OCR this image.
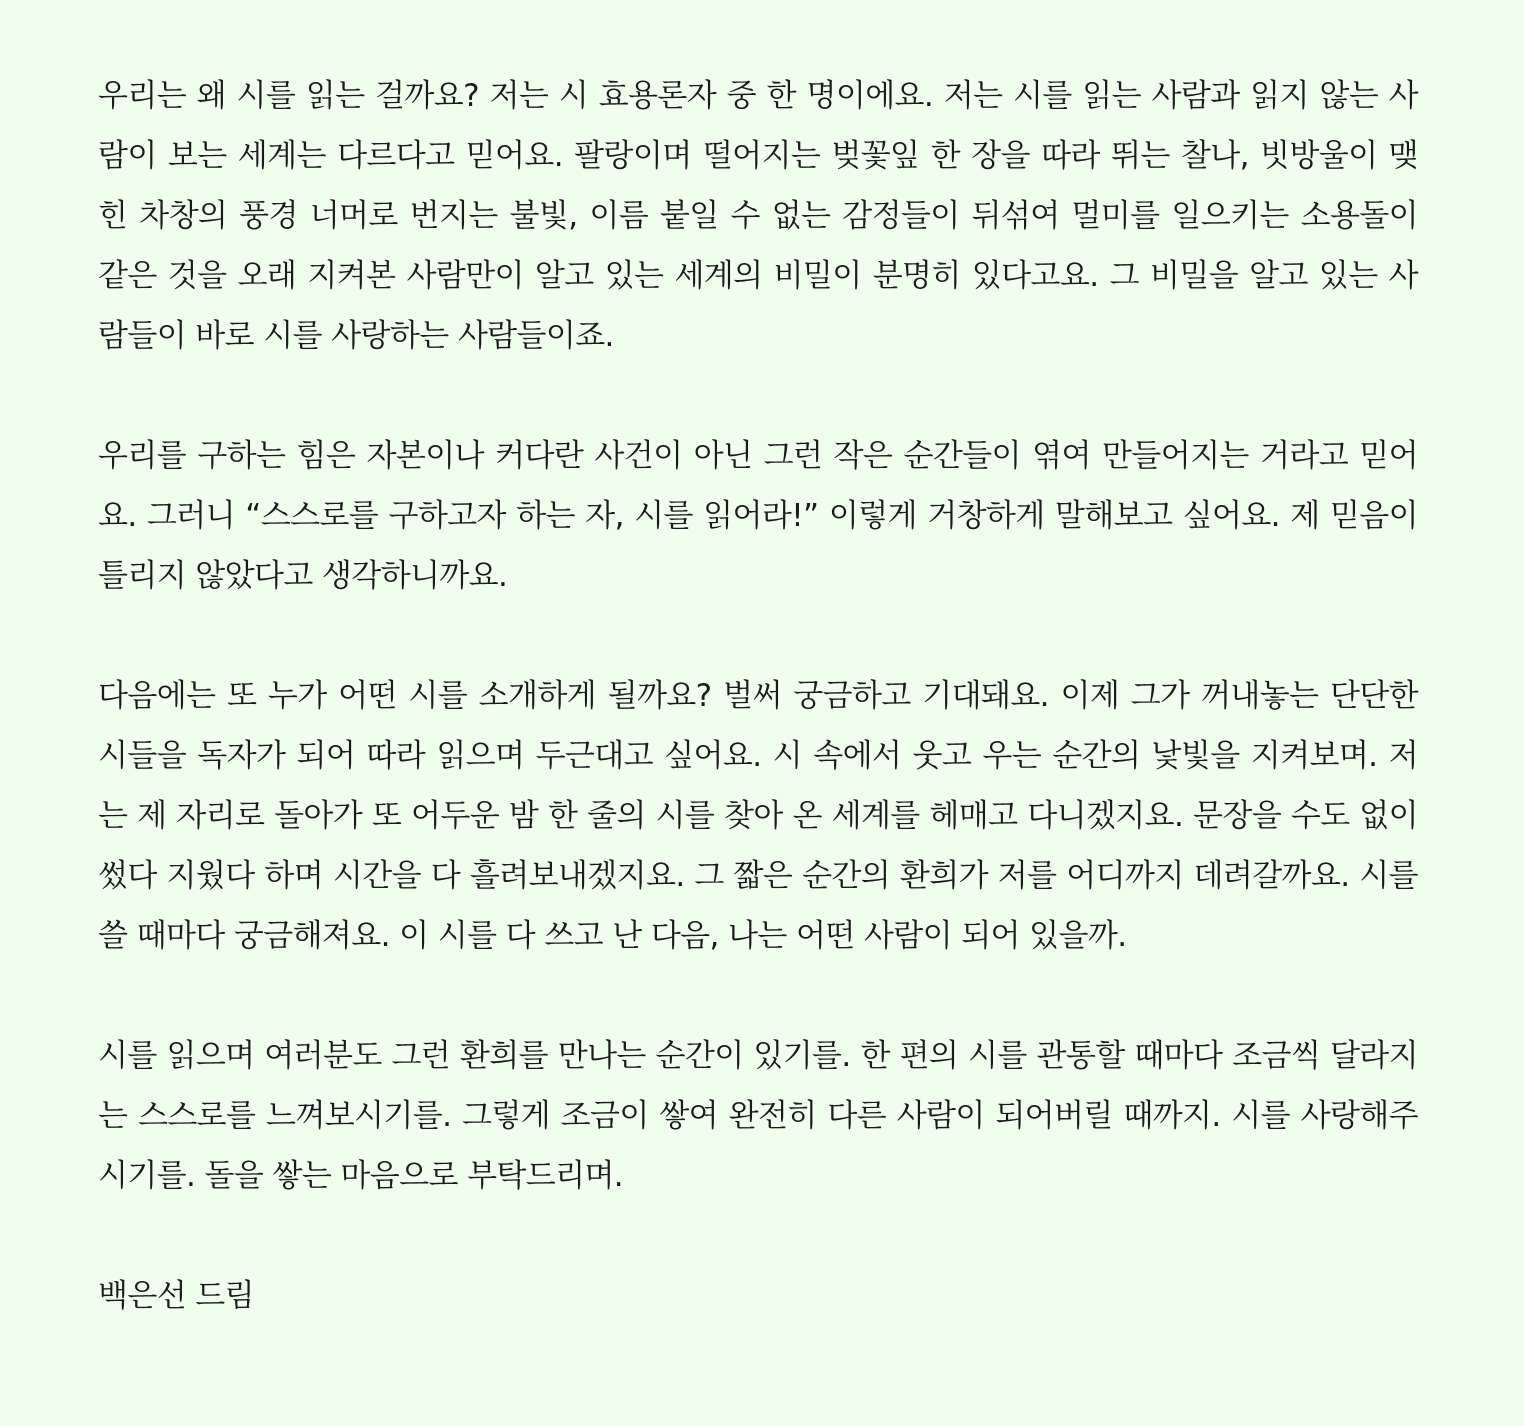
우리는 왜 시를 읽는 걸까요? 저는 시 효용론자 중 한 명이에요. 저는 시를 읽는 사람과 읽지 않는 사람이 보는 세계는 다르다고 믿어요. 팔랑이며 떨어지는 벚꽃잎 한 장을 따라 뛰는 찰나, 빗방울이 맺힌 차창의 풍경 너머로 번지는 불빛, 이름 붙일 수 없는 감정들이 뒤섞여 멀미를 일으키는 소용돌이 같은 것을 오래 지켜본 사람만이 알고 있는 세계의 비밀이 분명히 있다고요. 그 비밀을 알고 있는 사람들이 바로 시를 사랑하는 사람들이죠.

우리를 구하는 힘은 자본이나 커다란 사건이 아닌 그런 작은 순간들이 엮여 만들어지는 거라고 믿어요. 그러니 “스스로를 구하고자 하는 자, 시를 읽어라!” 이렇게 거창하게 말해보고 싶어요. 제 믿음이 틀리지 않았다고 생각하니까요.

다음에는 또 누가 어떤 시를 소개하게 될까요? 벌써 궁금하고 기대돼요. 이제 그가 꺼내놓는 단단한 시들을 독자가 되어 따라 읽으며 두근대고 싶어요. 시 속에서 웃고 우는 순간의 낯빛을 지켜보며. 저는 제 자리로 돌아가 또 어두운 밤 한 줄의 시를 찾아 온 세계를 헤매고 다니겠지요. 문장을 수도 없이 썼다 지웠다 하며 시간을 다 흘려보내겠지요. 그 짧은 순간의 환희가 저를 어디까지 데려갈까요. 시를 쓸 때마다 궁금해져요. 이 시를 다 쓰고 난 다음, 나는 어떤 사람이 되어 있을까.

시를 읽으며 여러분도 그런 환희를 만나는 순간이 있기를. 한 편의 시를 관통할 때마다 조금씩 달라지는 스스로를 느껴보시기를. 그렇게 조금이 쌓여 완전히 다른 사람이 되어버릴 때까지. 시를 사랑해주시기를. 돌을 쌓는 마음으로 부탁드리며.

백은선 드림
